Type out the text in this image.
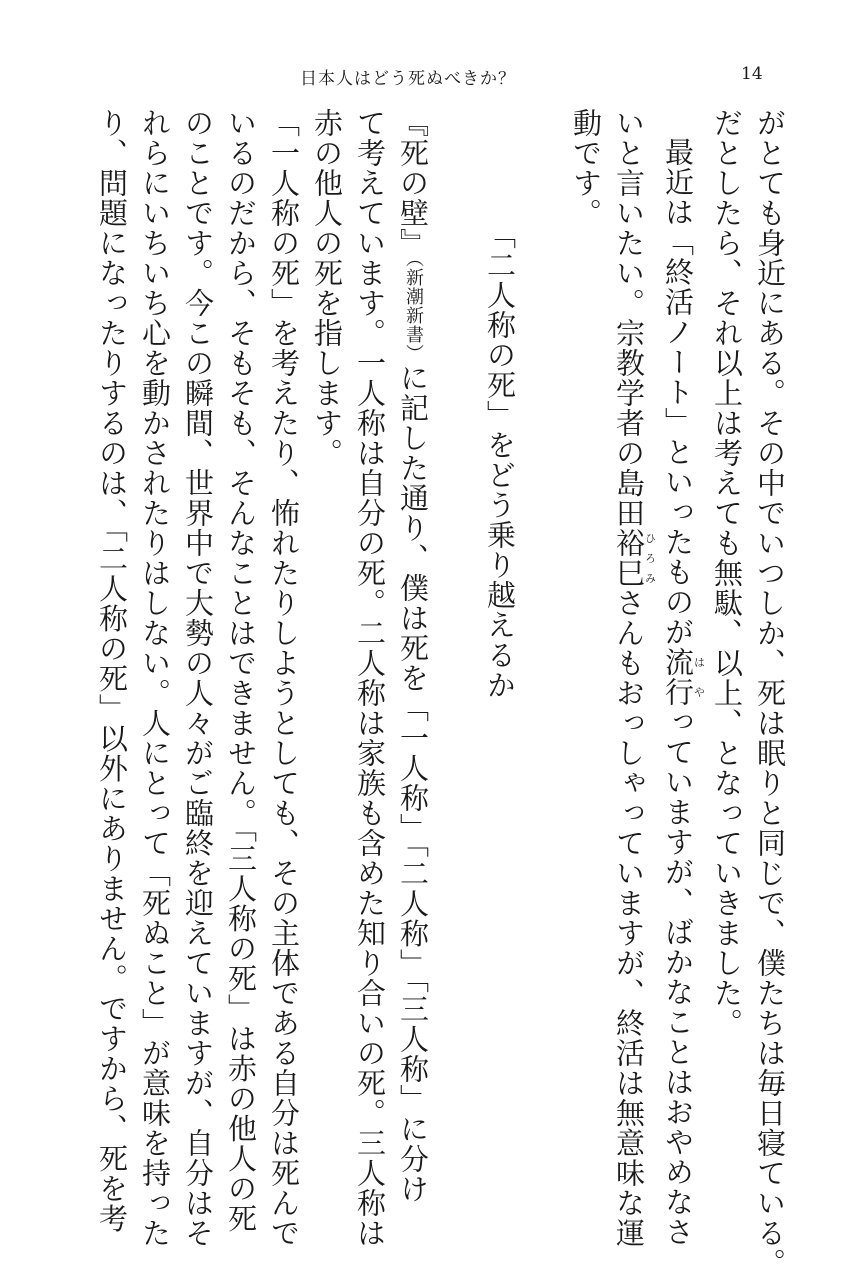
日本人はどう死ぬべきか？	14
がとても身近にある。その中でいつしか、死は眠りと同じで、僕たちは毎日寝ている。
だとしたら、それ以上は考えても無駄、以上、となっていきました。
最近は「終活ノート」といったものが流は行やっていますが、ばかなことはおやめなさ
いと言いたい。宗教学者の島田裕巳ひろみさんもおっしゃっていますが、終活は無意味な運
動です。
「二人称の死」をどう乗り越えるか
『死の壁』（新潮新書）に記した通り、僕は死を「一人称」「二人称」「三人称」に分け
て考えています。一人称は自分の死。二人称は家族も含めた知り合いの死。三人称は
赤の他人の死を指します。
「一人称の死」を考えたり、怖れたりしようとしても、その主体である自分は死んで
いるのだから、そもそも、そんなことはできません。「三人称の死」は赤の他人の死
のことです。今この瞬間、世界中で大勢の人々がご臨終を迎えていますが、自分はそ
れらにいちいち心を動かされたりはしない。人にとって「死ぬこと」が意味を持った
り、問題になったりするのは、「二人称の死」以外にありません。ですから、死を考
